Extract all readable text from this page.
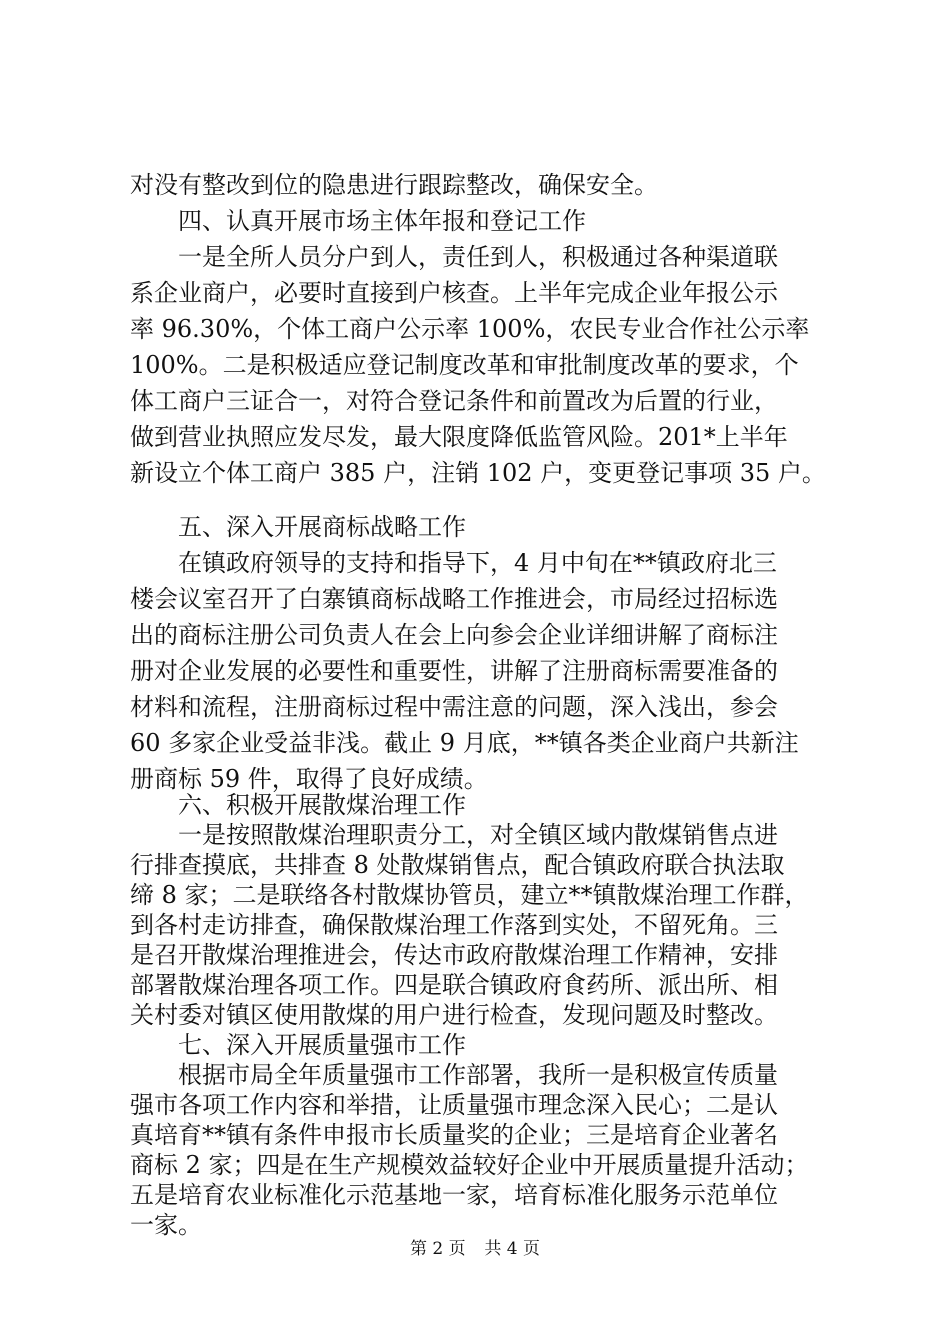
对没有整改到位的隐患进行跟踪整改，确保安全。
　　四、认真开展市场主体年报和登记工作
　　一是全所人员分户到人，责任到人，积极通过各种渠道联
系企业商户，必要时直接到户核查。上半年完成企业年报公示
率 96.30%，个体工商户公示率 100%，农民专业合作社公示率
100%。二是积极适应登记制度改革和审批制度改革的要求，个
体工商户三证合一，对符合登记条件和前置改为后置的行业，
做到营业执照应发尽发，最大限度降低监管风险。201*上半年
新设立个体工商户 385 户，注销 102 户，变更登记事项 35 户。
　　五、深入开展商标战略工作
　　在镇政府领导的支持和指导下，4 月中旬在**镇政府北三
楼会议室召开了白寨镇商标战略工作推进会，市局经过招标选
出的商标注册公司负责人在会上向参会企业详细讲解了商标注
册对企业发展的必要性和重要性，讲解了注册商标需要准备的
材料和流程，注册商标过程中需注意的问题，深入浅出，参会
60 多家企业受益非浅。截止 9 月底，**镇各类企业商户共新注
册商标 59 件，取得了良好成绩。
　　六、积极开展散煤治理工作
　　一是按照散煤治理职责分工，对全镇区域内散煤销售点进
行排查摸底，共排查 8 处散煤销售点，配合镇政府联合执法取
缔 8 家；二是联络各村散煤协管员，建立**镇散煤治理工作群，
到各村走访排查，确保散煤治理工作落到实处，不留死角。三
是召开散煤治理推进会，传达市政府散煤治理工作精神，安排
部署散煤治理各项工作。四是联合镇政府食药所、派出所、相
关村委对镇区使用散煤的用户进行检查，发现问题及时整改。
　　七、深入开展质量强市工作
　　根据市局全年质量强市工作部署，我所一是积极宣传质量
强市各项工作内容和举措，让质量强市理念深入民心；二是认
真培育**镇有条件申报市长质量奖的企业；三是培育企业著名
商标 2 家；四是在生产规模效益较好企业中开展质量提升活动；
五是培育农业标准化示范基地一家，培育标准化服务示范单位
一家。
第 2 页 共 4 页
